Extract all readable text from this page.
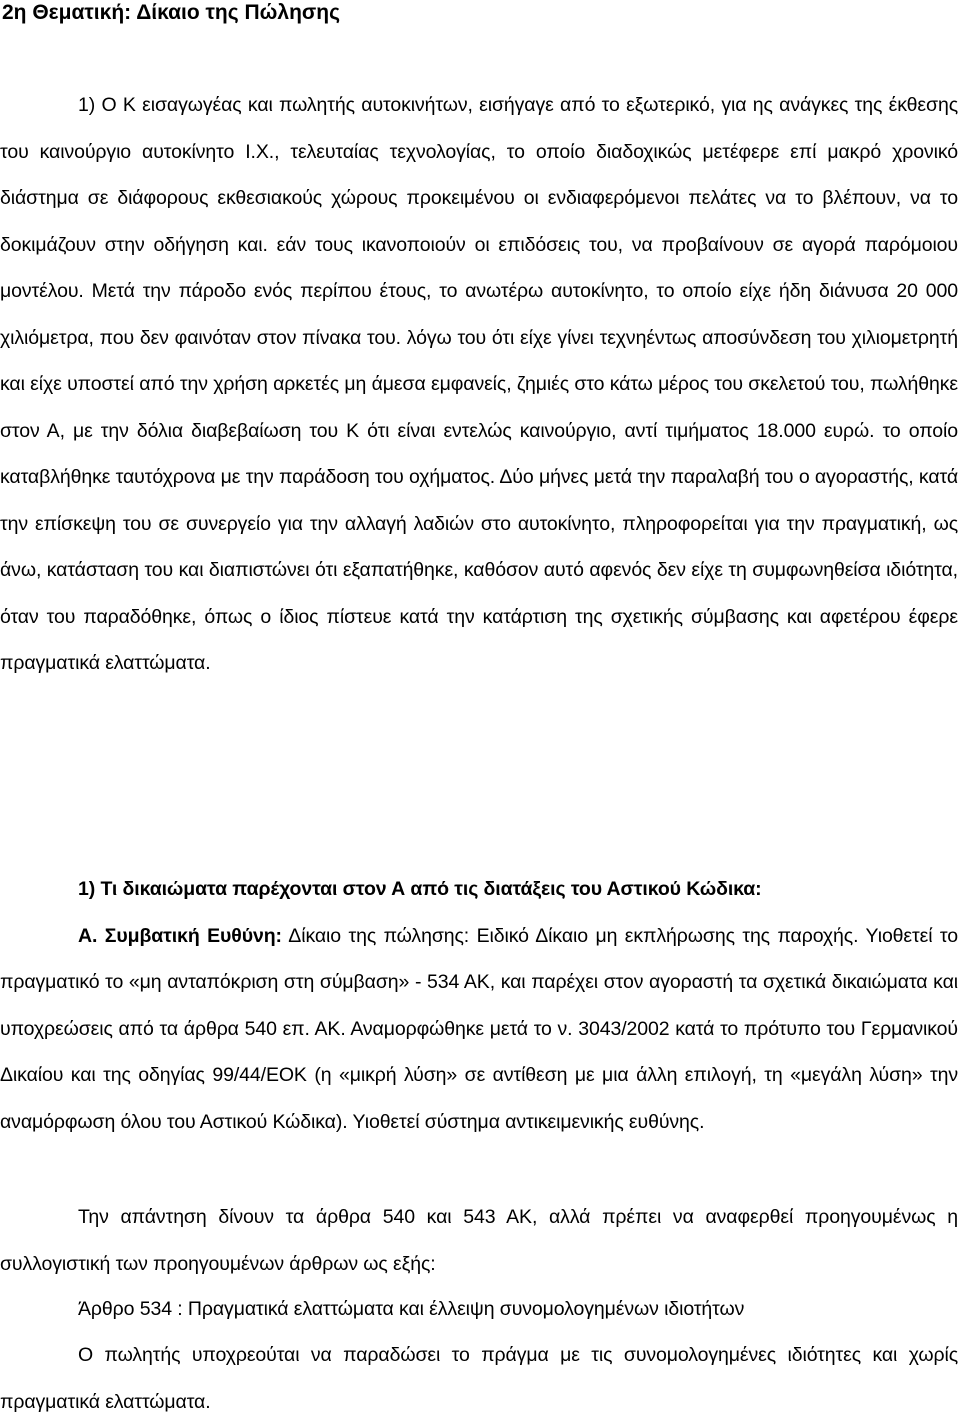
2η Θεματική: Δίκαιο της Πώλησης

1) Ο Κ εισαγωγέας και πωλητής αυτοκινήτων, εισήγαγε από το εξωτερικό, για ης ανάγκες της έκθεσης του καινούργιο αυτοκίνητο Ι.Χ., τελευταίας τεχνολογίας, το οποίο διαδοχικώς μετέφερε επί μακρό χρονικό διάστημα σε διάφορους εκθεσιακούς χώρους προκειμένου οι ενδιαφερόμενοι πελάτες να το βλέπουν, να το δοκιμάζουν στην οδήγηση και. εάν τους ικανοποιούν οι επιδόσεις του, να προβαίνουν σε αγορά παρόμοιου μοντέλου. Μετά την πάροδο ενός περίπου έτους, το ανωτέρω αυτοκίνητο, το οποίο είχε ήδη διάνυσα 20 000 χιλιόμετρα, που δεν φαινόταν στον πίνακα του. λόγω του ότι είχε γίνει τεχνηέντως αποσύνδεση του χιλιομετρητή και είχε υποστεί από την χρήση αρκετές μη άμεσα εμφανείς, ζημιές στο κάτω μέρος του σκελετού του, πωλήθηκε στον Α, με την δόλια διαβεβαίωση του Κ ότι είναι εντελώς καινούργιο, αντί τιμήματος 18.000 ευρώ. το οποίο καταβλήθηκε ταυτόχρονα με την παράδοση του οχήματος. Δύο μήνες μετά την παραλαβή του ο αγοραστής, κατά την επίσκεψη του σε συνεργείο για την αλλαγή λαδιών στο αυτοκίνητο, πληροφορείται για την πραγματική, ως άνω, κατάσταση του και διαπιστώνει ότι εξαπατήθηκε, καθόσον αυτό αφενός δεν είχε τη συμφωνηθείσα ιδιότητα, όταν του παραδόθηκε, όπως ο ίδιος πίστευε κατά την κατάρτιση της σχετικής σύμβασης και αφετέρου έφερε πραγματικά ελαττώματα.

1) Τι δικαιώματα παρέχονται στον Α από τις διατάξεις του Αστικού Κώδικα:

Α. Συμβατική Ευθύνη: Δίκαιο της πώλησης: Ειδικό Δίκαιο μη εκπλήρωσης της παροχής. Υιοθετεί το πραγματικό το «μη ανταπόκριση στη σύμβαση» - 534 ΑΚ, και παρέχει στον αγοραστή τα σχετικά δικαιώματα και υποχρεώσεις από τα άρθρα 540 επ. ΑΚ. Αναμορφώθηκε μετά το ν. 3043/2002 κατά το πρότυπο του Γερμανικού Δικαίου και της οδηγίας 99/44/ΕΟΚ (η «μικρή λύση» σε αντίθεση με μια άλλη επιλογή, τη «μεγάλη λύση» την αναμόρφωση όλου του Αστικού Κώδικα). Υιοθετεί σύστημα αντικειμενικής ευθύνης.

Την απάντηση δίνουν τα άρθρα 540 και 543 ΑΚ, αλλά πρέπει να αναφερθεί προηγουμένως η συλλογιστική των προηγουμένων άρθρων ως εξής:

Άρθρο 534 : Πραγματικά ελαττώματα και έλλειψη συνομολογημένων ιδιοτήτων

Ο πωλητής υποχρεούται να παραδώσει το πράγμα με τις συνομολογημένες ιδιότητες και χωρίς πραγματικά ελαττώματα.
